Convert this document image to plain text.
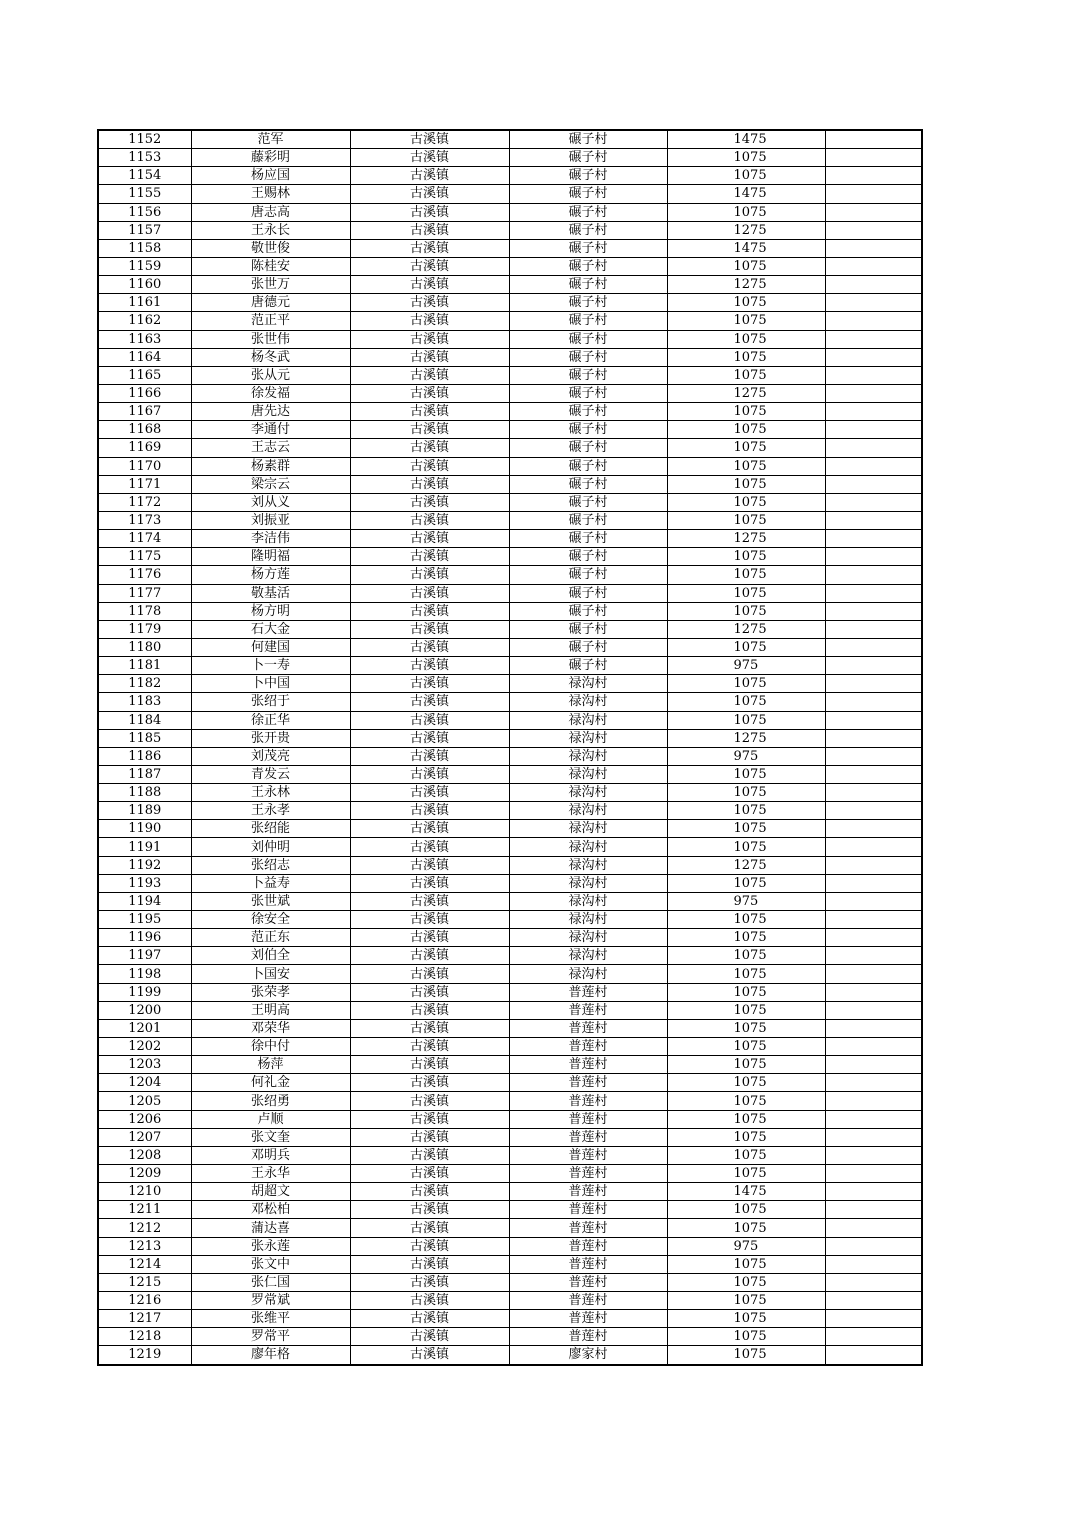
1152	范军	古溪镇	碾子村	1475	
1153	藤彩明	古溪镇	碾子村	1075	
1154	杨应国	古溪镇	碾子村	1075	
1155	王赐林	古溪镇	碾子村	1475	
1156	唐志高	古溪镇	碾子村	1075	
1157	王永长	古溪镇	碾子村	1275	
1158	敬世俊	古溪镇	碾子村	1475	
1159	陈桂安	古溪镇	碾子村	1075	
1160	张世万	古溪镇	碾子村	1275	
1161	唐德元	古溪镇	碾子村	1075	
1162	范正平	古溪镇	碾子村	1075	
1163	张世伟	古溪镇	碾子村	1075	
1164	杨冬武	古溪镇	碾子村	1075	
1165	张从元	古溪镇	碾子村	1075	
1166	徐发福	古溪镇	碾子村	1275	
1167	唐先达	古溪镇	碾子村	1075	
1168	李通付	古溪镇	碾子村	1075	
1169	王志云	古溪镇	碾子村	1075	
1170	杨素群	古溪镇	碾子村	1075	
1171	梁宗云	古溪镇	碾子村	1075	
1172	刘从义	古溪镇	碾子村	1075	
1173	刘振亚	古溪镇	碾子村	1075	
1174	李洁伟	古溪镇	碾子村	1275	
1175	隆明福	古溪镇	碾子村	1075	
1176	杨方莲	古溪镇	碾子村	1075	
1177	敬基活	古溪镇	碾子村	1075	
1178	杨方明	古溪镇	碾子村	1075	
1179	石大金	古溪镇	碾子村	1275	
1180	何建国	古溪镇	碾子村	1075	
1181	卜一寿	古溪镇	碾子村	975	
1182	卜中国	古溪镇	禄沟村	1075	
1183	张绍于	古溪镇	禄沟村	1075	
1184	徐正华	古溪镇	禄沟村	1075	
1185	张开贵	古溪镇	禄沟村	1275	
1186	刘茂亮	古溪镇	禄沟村	975	
1187	青发云	古溪镇	禄沟村	1075	
1188	王永林	古溪镇	禄沟村	1075	
1189	王永孝	古溪镇	禄沟村	1075	
1190	张绍能	古溪镇	禄沟村	1075	
1191	刘仲明	古溪镇	禄沟村	1075	
1192	张绍志	古溪镇	禄沟村	1275	
1193	卜益寿	古溪镇	禄沟村	1075	
1194	张世斌	古溪镇	禄沟村	975	
1195	徐安全	古溪镇	禄沟村	1075	
1196	范正东	古溪镇	禄沟村	1075	
1197	刘伯全	古溪镇	禄沟村	1075	
1198	卜国安	古溪镇	禄沟村	1075	
1199	张荣孝	古溪镇	普莲村	1075	
1200	王明高	古溪镇	普莲村	1075	
1201	邓荣华	古溪镇	普莲村	1075	
1202	徐中付	古溪镇	普莲村	1075	
1203	杨萍	古溪镇	普莲村	1075	
1204	何礼金	古溪镇	普莲村	1075	
1205	张绍勇	古溪镇	普莲村	1075	
1206	卢顺	古溪镇	普莲村	1075	
1207	张文奎	古溪镇	普莲村	1075	
1208	邓明兵	古溪镇	普莲村	1075	
1209	王永华	古溪镇	普莲村	1075	
1210	胡超文	古溪镇	普莲村	1475	
1211	邓松柏	古溪镇	普莲村	1075	
1212	蒲达喜	古溪镇	普莲村	1075	
1213	张永莲	古溪镇	普莲村	975	
1214	张文中	古溪镇	普莲村	1075	
1215	张仁国	古溪镇	普莲村	1075	
1216	罗常斌	古溪镇	普莲村	1075	
1217	张维平	古溪镇	普莲村	1075	
1218	罗常平	古溪镇	普莲村	1075	
1219	廖年格	古溪镇	廖家村	1075	
